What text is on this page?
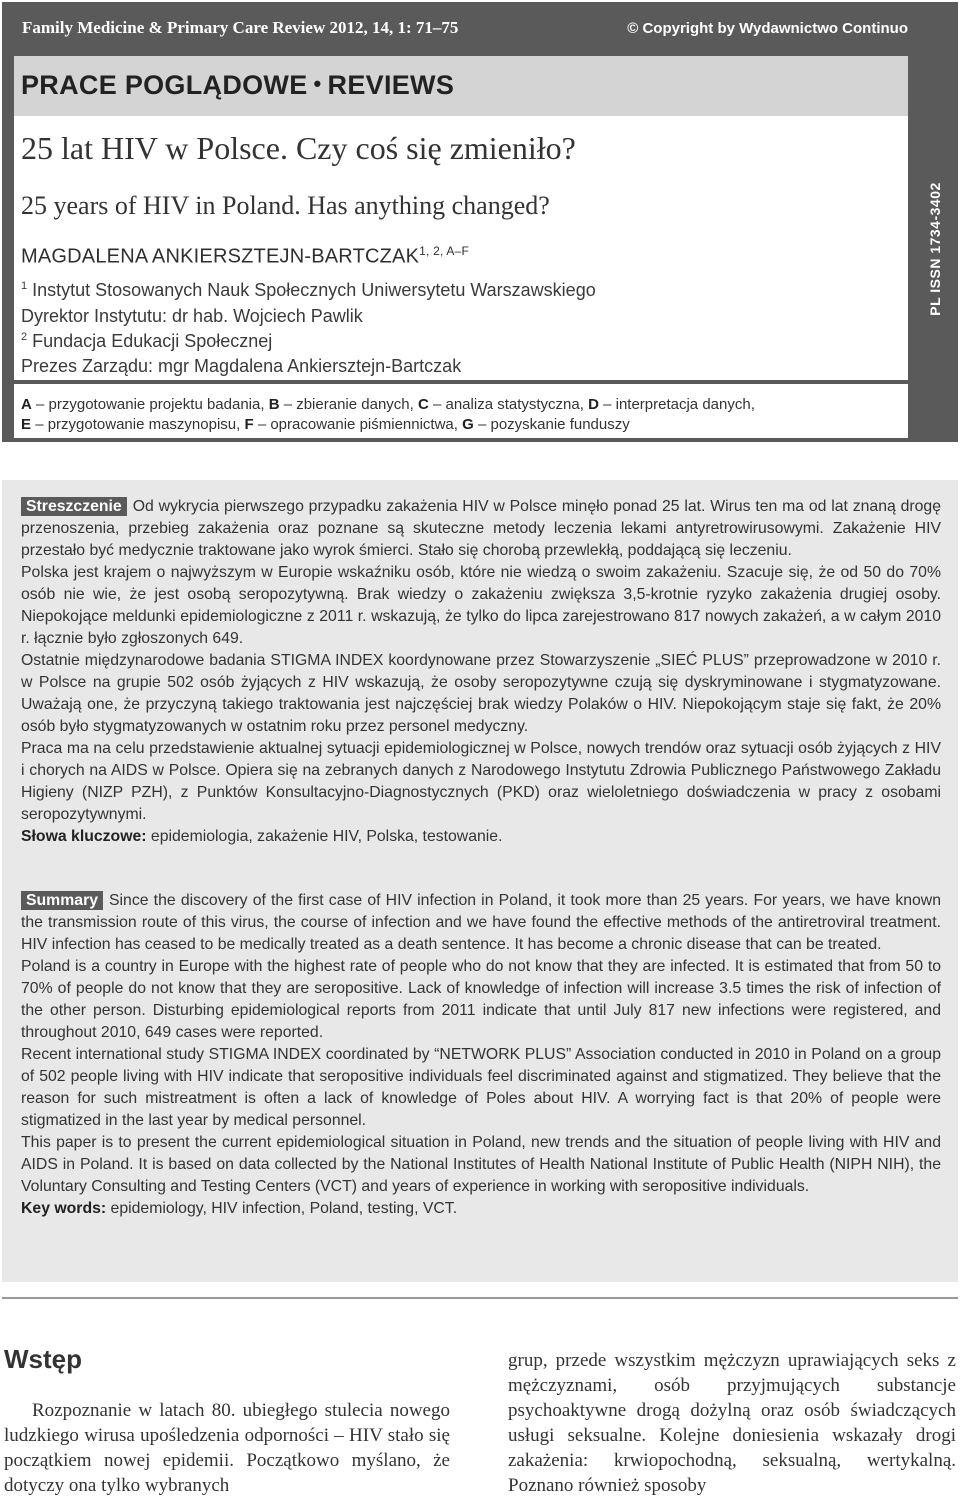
Family Medicine & Primary Care Review 2012, 14, 1: 71–75	© Copyright by Wydawnictwo Continuo
PL ISSN 1734-3402
PRACE POGLĄDOWE • REVIEWS
25 lat HIV w Polsce. Czy coś się zmieniło?
25 years of HIV in Poland. Has anything changed?
MAGDALENA ANKIERSZTEJN-$BARTCZAK^{1, 2, A-F}$
$^1$ Instytut Stosowanych Nauk Społecznych Uniwersytetu Warszawskiego
Dyrektor Instytutu: dr hab. Wojciech Pawlik
$^2$ Fundacja Edukacji Społecznej
Prezes Zarządu: mgr Magdalena Ankiersztejn-Bartczak
A – przygotowanie projektu badania, B – zbieranie danych, C – analiza statystyczna, D – interpretacja danych,
E – przygotowanie maszynopisu, F – opracowanie piśmiennictwa, G – pozyskanie funduszy

Streszczenie Od wykrycia pierwszego przypadku zakażenia HIV w Polsce minęło ponad 25 lat. Wirus ten ma od lat znaną drogę przenoszenia, przebieg zakażenia oraz poznane są skuteczne metody leczenia lekami antyretrowirusowymi. Zakażenie HIV przestało być medycznie traktowane jako wyrok śmierci. Stało się chorobą przewlekłą, poddającą się leczeniu.

Polska jest krajem o najwyższym w Europie wskaźniku osób, które nie wiedzą o swoim zakażeniu. Szacuje się, że od 50 do 70% osób nie wie, że jest osobą seropozytywną. Brak wiedzy o zakażeniu zwiększa 3,5-krotnie ryzyko zakażenia drugiej osoby. Niepokojące meldunki epidemiologiczne z 2011 r. wskazują, że tylko do lipca zarejestrowano 817 nowych zakażeń, a w całym 2010 r. łącznie było zgłoszonych 649.

Ostatnie międzynarodowe badania STIGMA INDEX koordynowane przez Stowarzyszenie „SIEĆ PLUS” przeprowadzone w 2010 r. w Polsce na grupie 502 osób żyjących z HIV wskazują, że osoby seropozytywne czują się dyskryminowane i stygmatyzowane. Uważają one, że przyczyną takiego traktowania jest najczęściej brak wiedzy Polaków o HIV. Niepokojącym staje się fakt, że 20% osób było stygmatyzowanych w ostatnim roku przez personel medyczny.

Praca ma na celu przedstawienie aktualnej sytuacji epidemiologicznej w Polsce, nowych trendów oraz sytuacji osób żyjących z HIV i chorych na AIDS w Polsce. Opiera się na zebranych danych z Narodowego Instytutu Zdrowia Publicznego Państwowego Zakładu Higieny (NIZP PZH), z Punktów Konsultacyjno-Diagnostycznych (PKD) oraz wieloletniego doświadczenia w pracy z osobami seropozytywnymi.

Słowa kluczowe: epidemiologia, zakażenie HIV, Polska, testowanie.

Summary Since the discovery of the first case of HIV infection in Poland, it took more than 25 years. For years, we have known the transmission route of this virus, the course of infection and we have found the effective methods of the antiretroviral treatment. HIV infection has ceased to be medically treated as a death sentence. It has become a chronic disease that can be treated.

Poland is a country in Europe with the highest rate of people who do not know that they are infected. It is estimated that from 50 to 70% of people do not know that they are seropositive. Lack of knowledge of infection will increase 3.5 times the risk of infection of the other person. Disturbing epidemiological reports from 2011 indicate that until July 817 new infections were registered, and throughout 2010, 649 cases were reported.

Recent international study STIGMA INDEX coordinated by “NETWORK PLUS” Association conducted in 2010 in Poland on a group of 502 people living with HIV indicate that seropositive individuals feel discriminated against and stigmatized. They believe that the reason for such mistreatment is often a lack of knowledge of Poles about HIV. A worrying fact is that 20% of people were stigmatized in the last year by medical personnel.

This paper is to present the current epidemiological situation in Poland, new trends and the situation of people living with HIV and AIDS in Poland. It is based on data collected by the National Institutes of Health National Institute of Public Health (NIPH NIH), the Voluntary Consulting and Testing Centers (VCT) and years of experience in working with seropositive individuals.

Key words: epidemiology, HIV infection, Poland, testing, VCT.

Wstęp

Rozpoznanie w latach 80. ubiegłego stulecia nowego ludzkiego wirusa upośledzenia odporności – HIV stało się początkiem nowej epidemii. Początkowo myślano, że dotyczy ona tylko wybranych

grup, przede wszystkim mężczyzn uprawiających seks z mężczyznami, osób przyjmujących substancje psychoaktywne drogą dożylną oraz osób świadczących usługi seksualne. Kolejne doniesienia wskazały drogi zakażenia: krwiopochodną, seksualną, wertykalną. Poznano również sposoby
